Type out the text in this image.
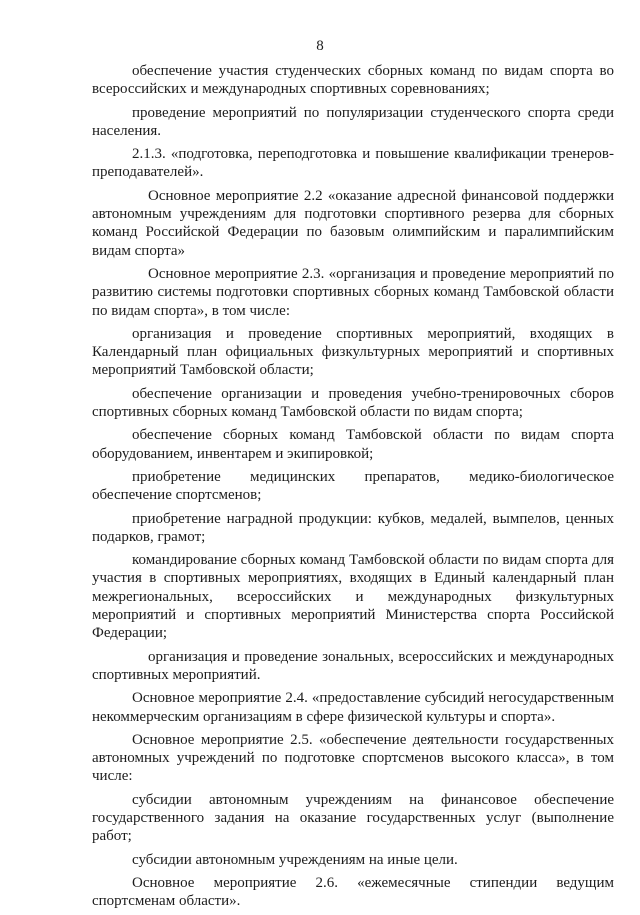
8

обеспечение участия студенческих сборных команд по видам спорта во всероссийских и международных спортивных соревнованиях;

проведение мероприятий по популяризации студенческого спорта среди населения.

2.1.3. «подготовка, переподготовка и повышение квалификации тренеров-преподавателей».

Основное мероприятие 2.2 «оказание адресной финансовой поддержки автономным учреждениям для подготовки спортивного резерва для сборных команд Российской Федерации по базовым олимпийским и паралимпийским видам спорта»

Основное мероприятие 2.3. «организация и проведение мероприятий по развитию системы подготовки спортивных сборных команд Тамбовской области по видам спорта», в том числе:

организация и проведение спортивных мероприятий, входящих в Календарный план официальных физкультурных мероприятий и спортивных мероприятий Тамбовской области;

обеспечение организации и проведения учебно-тренировочных сборов спортивных сборных команд Тамбовской области по видам спорта;

обеспечение сборных команд Тамбовской области по видам спорта оборудованием, инвентарем и экипировкой;

приобретение медицинских препаратов, медико-биологическое обеспечение спортсменов;

приобретение наградной продукции: кубков, медалей, вымпелов, ценных подарков, грамот;

командирование сборных команд Тамбовской области по видам спорта для участия в спортивных мероприятиях, входящих в Единый календарный план межрегиональных, всероссийских и международных физкультурных мероприятий и спортивных мероприятий Министерства спорта Российской Федерации;

организация и проведение зональных, всероссийских и международных спортивных мероприятий.

Основное мероприятие 2.4. «предоставление субсидий негосударственным некоммерческим организациям в сфере физической культуры и спорта».

Основное мероприятие 2.5. «обеспечение деятельности государственных автономных учреждений по подготовке спортсменов высокого класса», в том числе:

субсидии автономным учреждениям на финансовое обеспечение государственного задания на оказание государственных услуг (выполнение работ;

субсидии автономным учреждениям на иные цели.

Основное мероприятие 2.6. «ежемесячные стипендии ведущим спортсменам области».
